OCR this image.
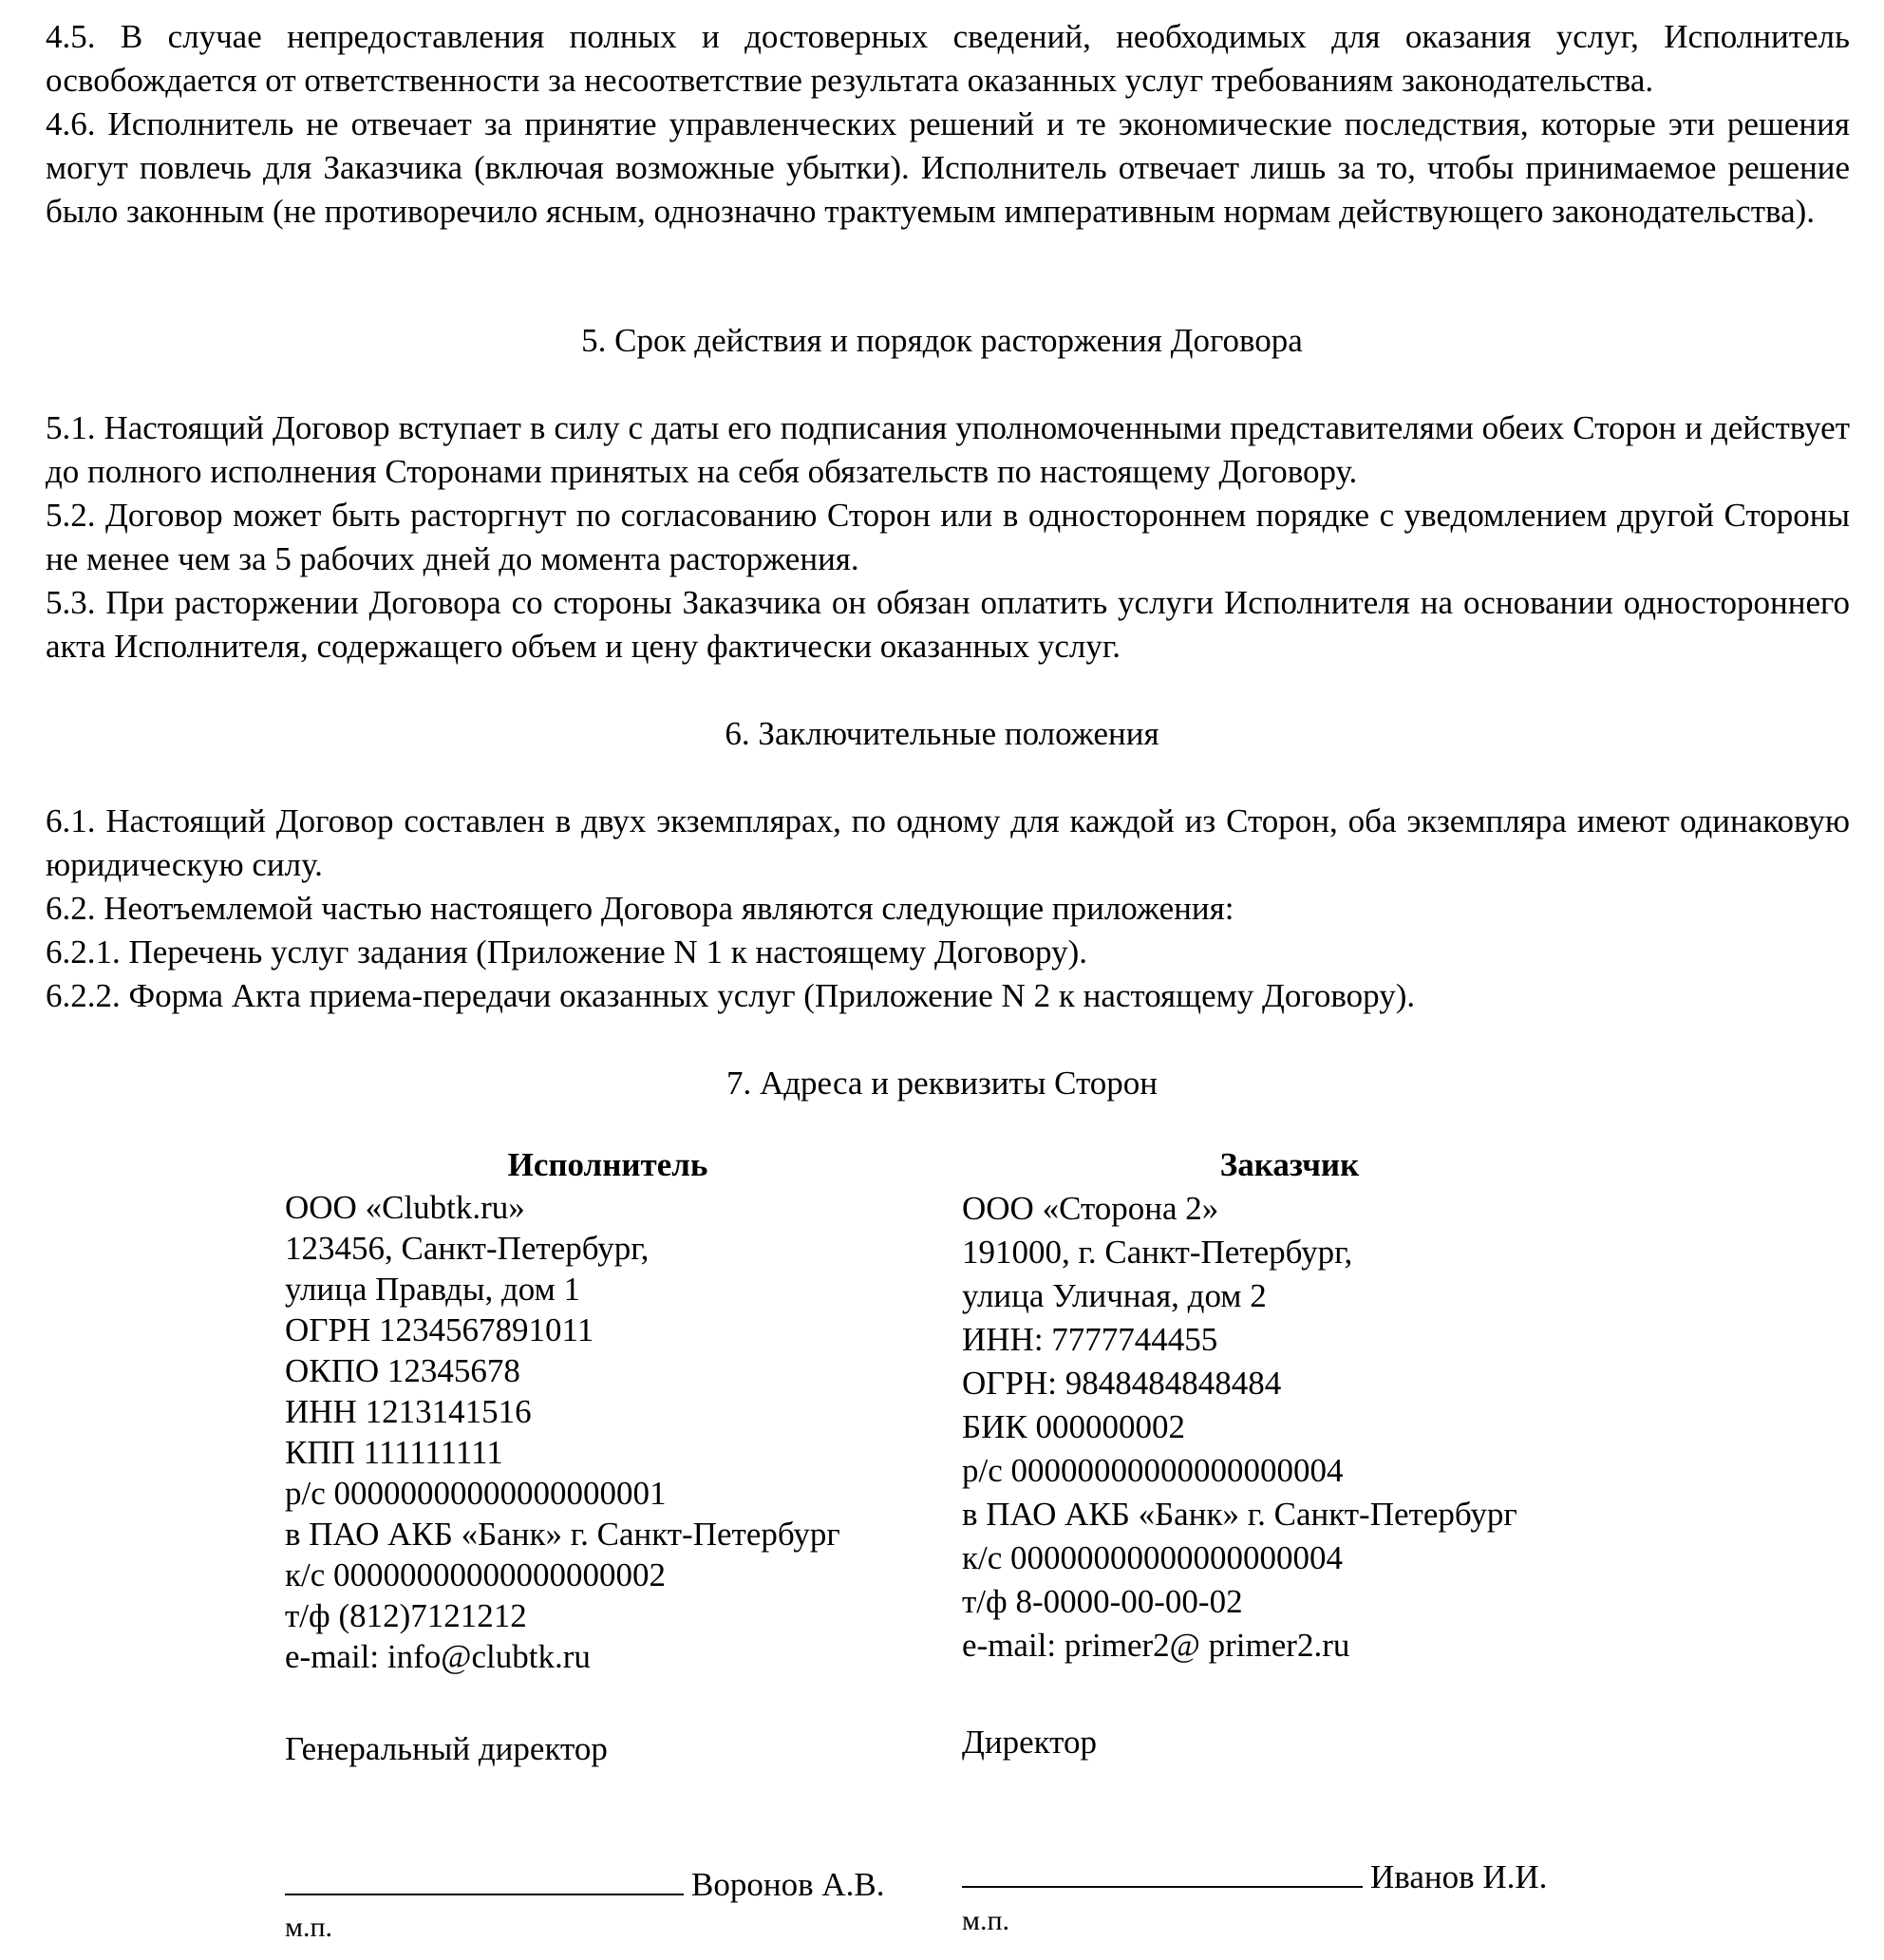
4.5. В случае непредоставления полных и достоверных сведений, необходимых для оказания услуг, Исполнитель освобождается от ответственности за несоответствие результата оказанных услуг требованиям законодательства.

4.6. Исполнитель не отвечает за принятие управленческих решений и те экономические последствия, которые эти решения могут повлечь для Заказчика (включая возможные убытки). Исполнитель отвечает лишь за то, чтобы принимаемое решение было законным (не противоречило ясным, однозначно трактуемым императивным нормам действующего законодательства).

5. Срок действия и порядок расторжения Договора

5.1. Настоящий Договор вступает в силу с даты его подписания уполномоченными представителями обеих Сторон и действует до полного исполнения Сторонами принятых на себя обязательств по настоящему Договору.

5.2. Договор может быть расторгнут по согласованию Сторон или в одностороннем порядке с уведомлением другой Стороны не менее чем за 5 рабочих дней до момента расторжения.

5.3. При расторжении Договора со стороны Заказчика он обязан оплатить услуги Исполнителя на основании одностороннего акта Исполнителя, содержащего объем и цену фактически оказанных услуг.

6. Заключительные положения

6.1. Настоящий Договор составлен в двух экземплярах, по одному для каждой из Сторон, оба экземпляра имеют одинаковую юридическую силу.

6.2. Неотъемлемой частью настоящего Договора являются следующие приложения:

6.2.1. Перечень услуг задания (Приложение N 1 к настоящему Договору).

6.2.2. Форма Акта приема-передачи оказанных услуг (Приложение N 2 к настоящему Договору).

7. Адреса и реквизиты Сторон

Исполнитель

ООО «Clubtk.ru»

123456, Санкт-Петербург,

улица Правды, дом 1

ОГРН 1234567891011

ОКПО 12345678

ИНН 1213141516

КПП 111111111

р/с 00000000000000000001

в ПАО АКБ «Банк» г. Санкт-Петербург

к/с 00000000000000000002

т/ф (812)7121212

e-mail: info@clubtk.ru

Заказчик

ООО «Сторона 2»

191000, г. Санкт-Петербург,

улица Уличная, дом 2

ИНН: 7777744455

ОГРН: 9848484848484

БИК 000000002

р/с 00000000000000000004

в ПАО АКБ «Банк» г. Санкт-Петербург

к/с 00000000000000000004

т/ф 8-0000-00-00-02

e-mail: primer2@ primer2.ru

Генеральный директор	Директор
Воронов А.В.	Иванов И.И.
м.п.	м.п.
